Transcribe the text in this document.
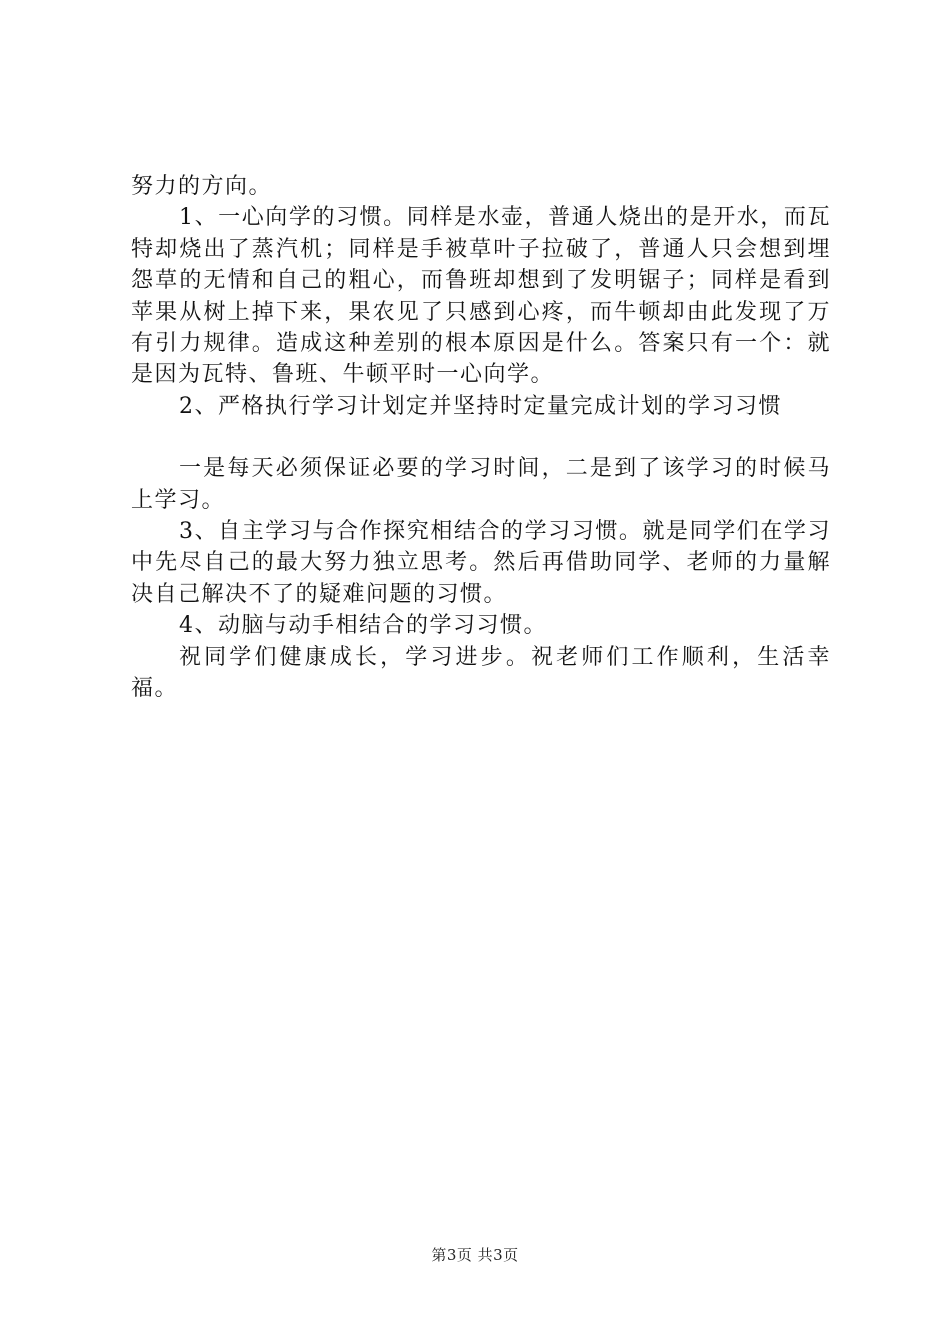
努力的方向。

1、一心向学的习惯。同样是水壶，普通人烧出的是开水，而瓦特却烧出了蒸汽机；同样是手被草叶子拉破了，普通人只会想到埋怨草的无情和自己的粗心，而鲁班却想到了发明锯子；同样是看到苹果从树上掉下来，果农见了只感到心疼，而牛顿却由此发现了万有引力规律。造成这种差别的根本原因是什么。答案只有一个：就是因为瓦特、鲁班、牛顿平时一心向学。

2、严格执行学习计划定并坚持时定量完成计划的学习习惯

一是每天必须保证必要的学习时间，二是到了该学习的时候马上学习。

3、自主学习与合作探究相结合的学习习惯。就是同学们在学习中先尽自己的最大努力独立思考。然后再借助同学、老师的力量解决自己解决不了的疑难问题的习惯。

4、动脑与动手相结合的学习习惯。

祝同学们健康成长，学习进步。祝老师们工作顺利，生活幸福。

第3页 共3页
